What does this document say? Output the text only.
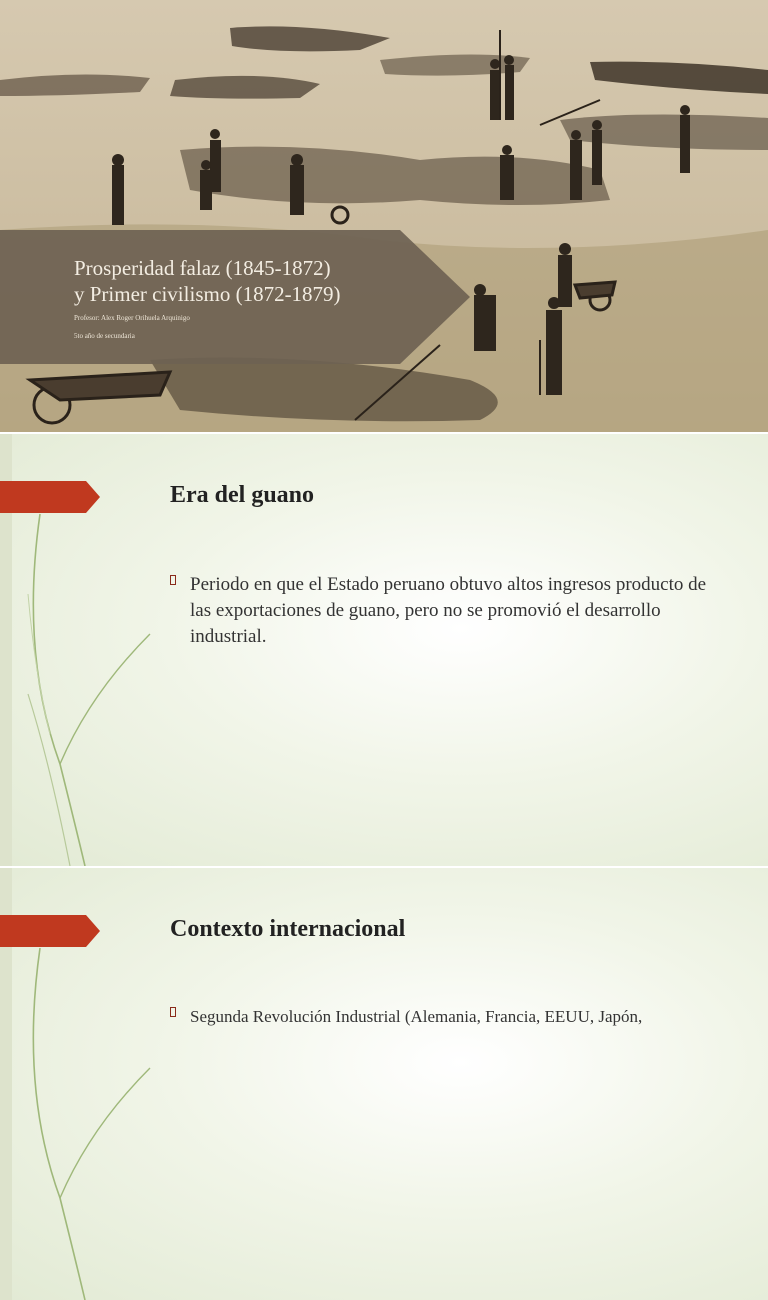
Prosperidad falaz (1845-1872)
y Primer civilismo (1872-1879)
Profesor: Alex Roger Orihuela Arquinigo
5to año de secundaria
Era del guano
Periodo en que el Estado peruano obtuvo altos ingresos producto de las exportaciones de guano, pero no se promovió el desarrollo industrial.
Contexto internacional
Segunda Revolución Industrial (Alemania, Francia, EEUU, Japón,
